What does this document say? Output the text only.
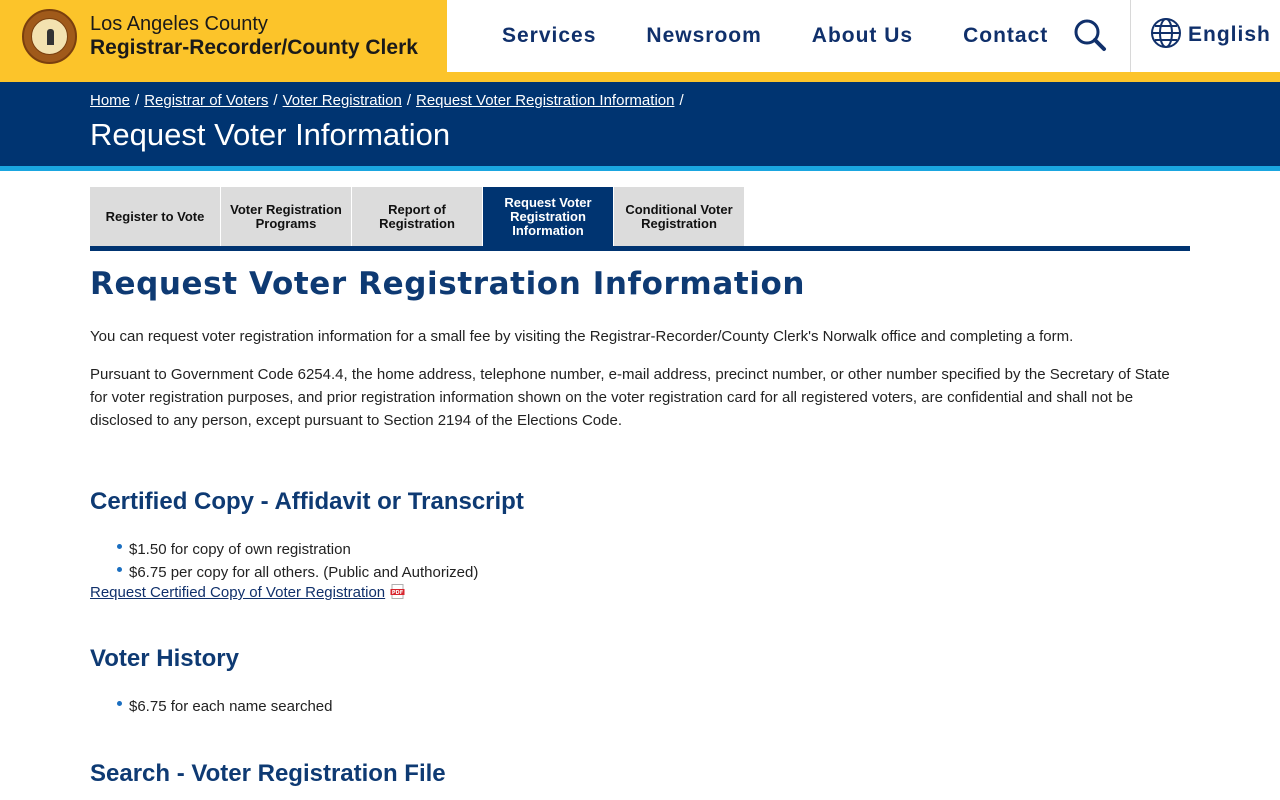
Los Angeles County
Registrar-Recorder/County Clerk
Services Newsroom About Us Contact	English
Home / Registrar of Voters / Voter Registration / Request Voter Registration Information /
Request Voter Information
Register to Vote	Voter Registration Programs
Report of Registration
Request Voter Registration Information
Conditional Voter Registration
Request Voter Registration Information

You can request voter registration information for a small fee by visiting the Registrar-Recorder/County Clerk's Norwalk office and completing a form.

Pursuant to Government Code 6254.4, the home address, telephone number, e-mail address, precinct number, or other number specified by the Secretary of State for voter registration purposes, and prior registration information shown on the voter registration card for all registered voters, are confidential and shall not be disclosed to any person, except pursuant to Section 2194 of the Elections Code.

Certified Copy - Affidavit or Transcript
$1.50 for copy of own registration
$6.75 per copy for all others. (Public and Authorized)
Request Certified Copy of Voter Registration PDF
Voter History
$6.75 for each name searched
Search - Voter Registration File
